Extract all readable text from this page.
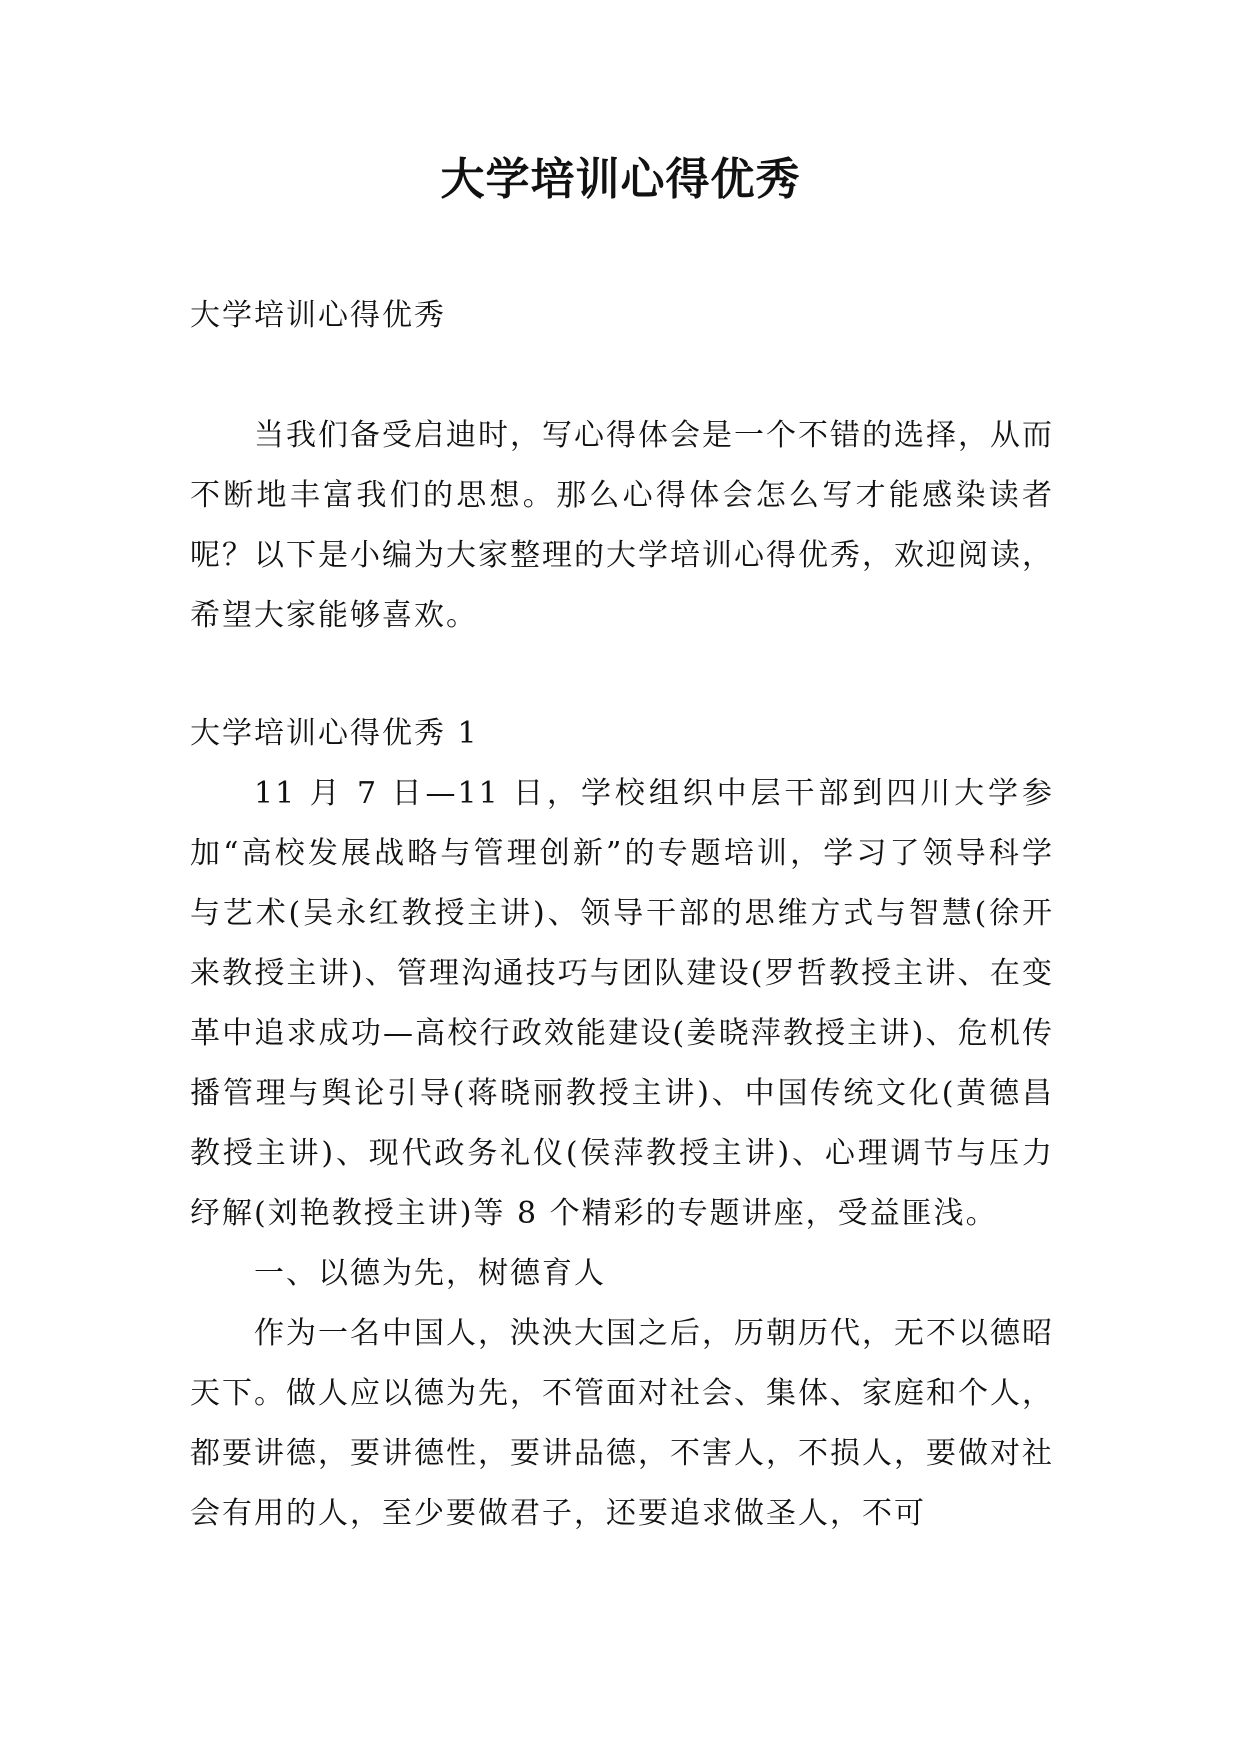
大学培训心得优秀

大学培训心得优秀

当我们备受启迪时，写心得体会是一个不错的选择，从而不断地丰富我们的思想。那么心得体会怎么写才能感染读者呢？以下是小编为大家整理的大学培训心得优秀，欢迎阅读，希望大家能够喜欢。

大学培训心得优秀 1

11 月 7 日—11 日，学校组织中层干部到四川大学参加“高校发展战略与管理创新”的专题培训，学习了领导科学与艺术(吴永红教授主讲)、领导干部的思维方式与智慧(徐开来教授主讲)、管理沟通技巧与团队建设(罗哲教授主讲、在变革中追求成功—高校行政效能建设(姜晓萍教授主讲)、危机传播管理与舆论引导(蒋晓丽教授主讲)、中国传统文化(黄德昌教授主讲)、现代政务礼仪(侯萍教授主讲)、心理调节与压力纾解(刘艳教授主讲)等 8 个精彩的专题讲座，受益匪浅。

一、以德为先，树德育人

作为一名中国人，泱泱大国之后，历朝历代，无不以德昭天下。做人应以德为先，不管面对社会、集体、家庭和个人，都要讲德，要讲德性，要讲品德，不害人，不损人，要做对社会有用的人，至少要做君子，还要追求做圣人，不可
